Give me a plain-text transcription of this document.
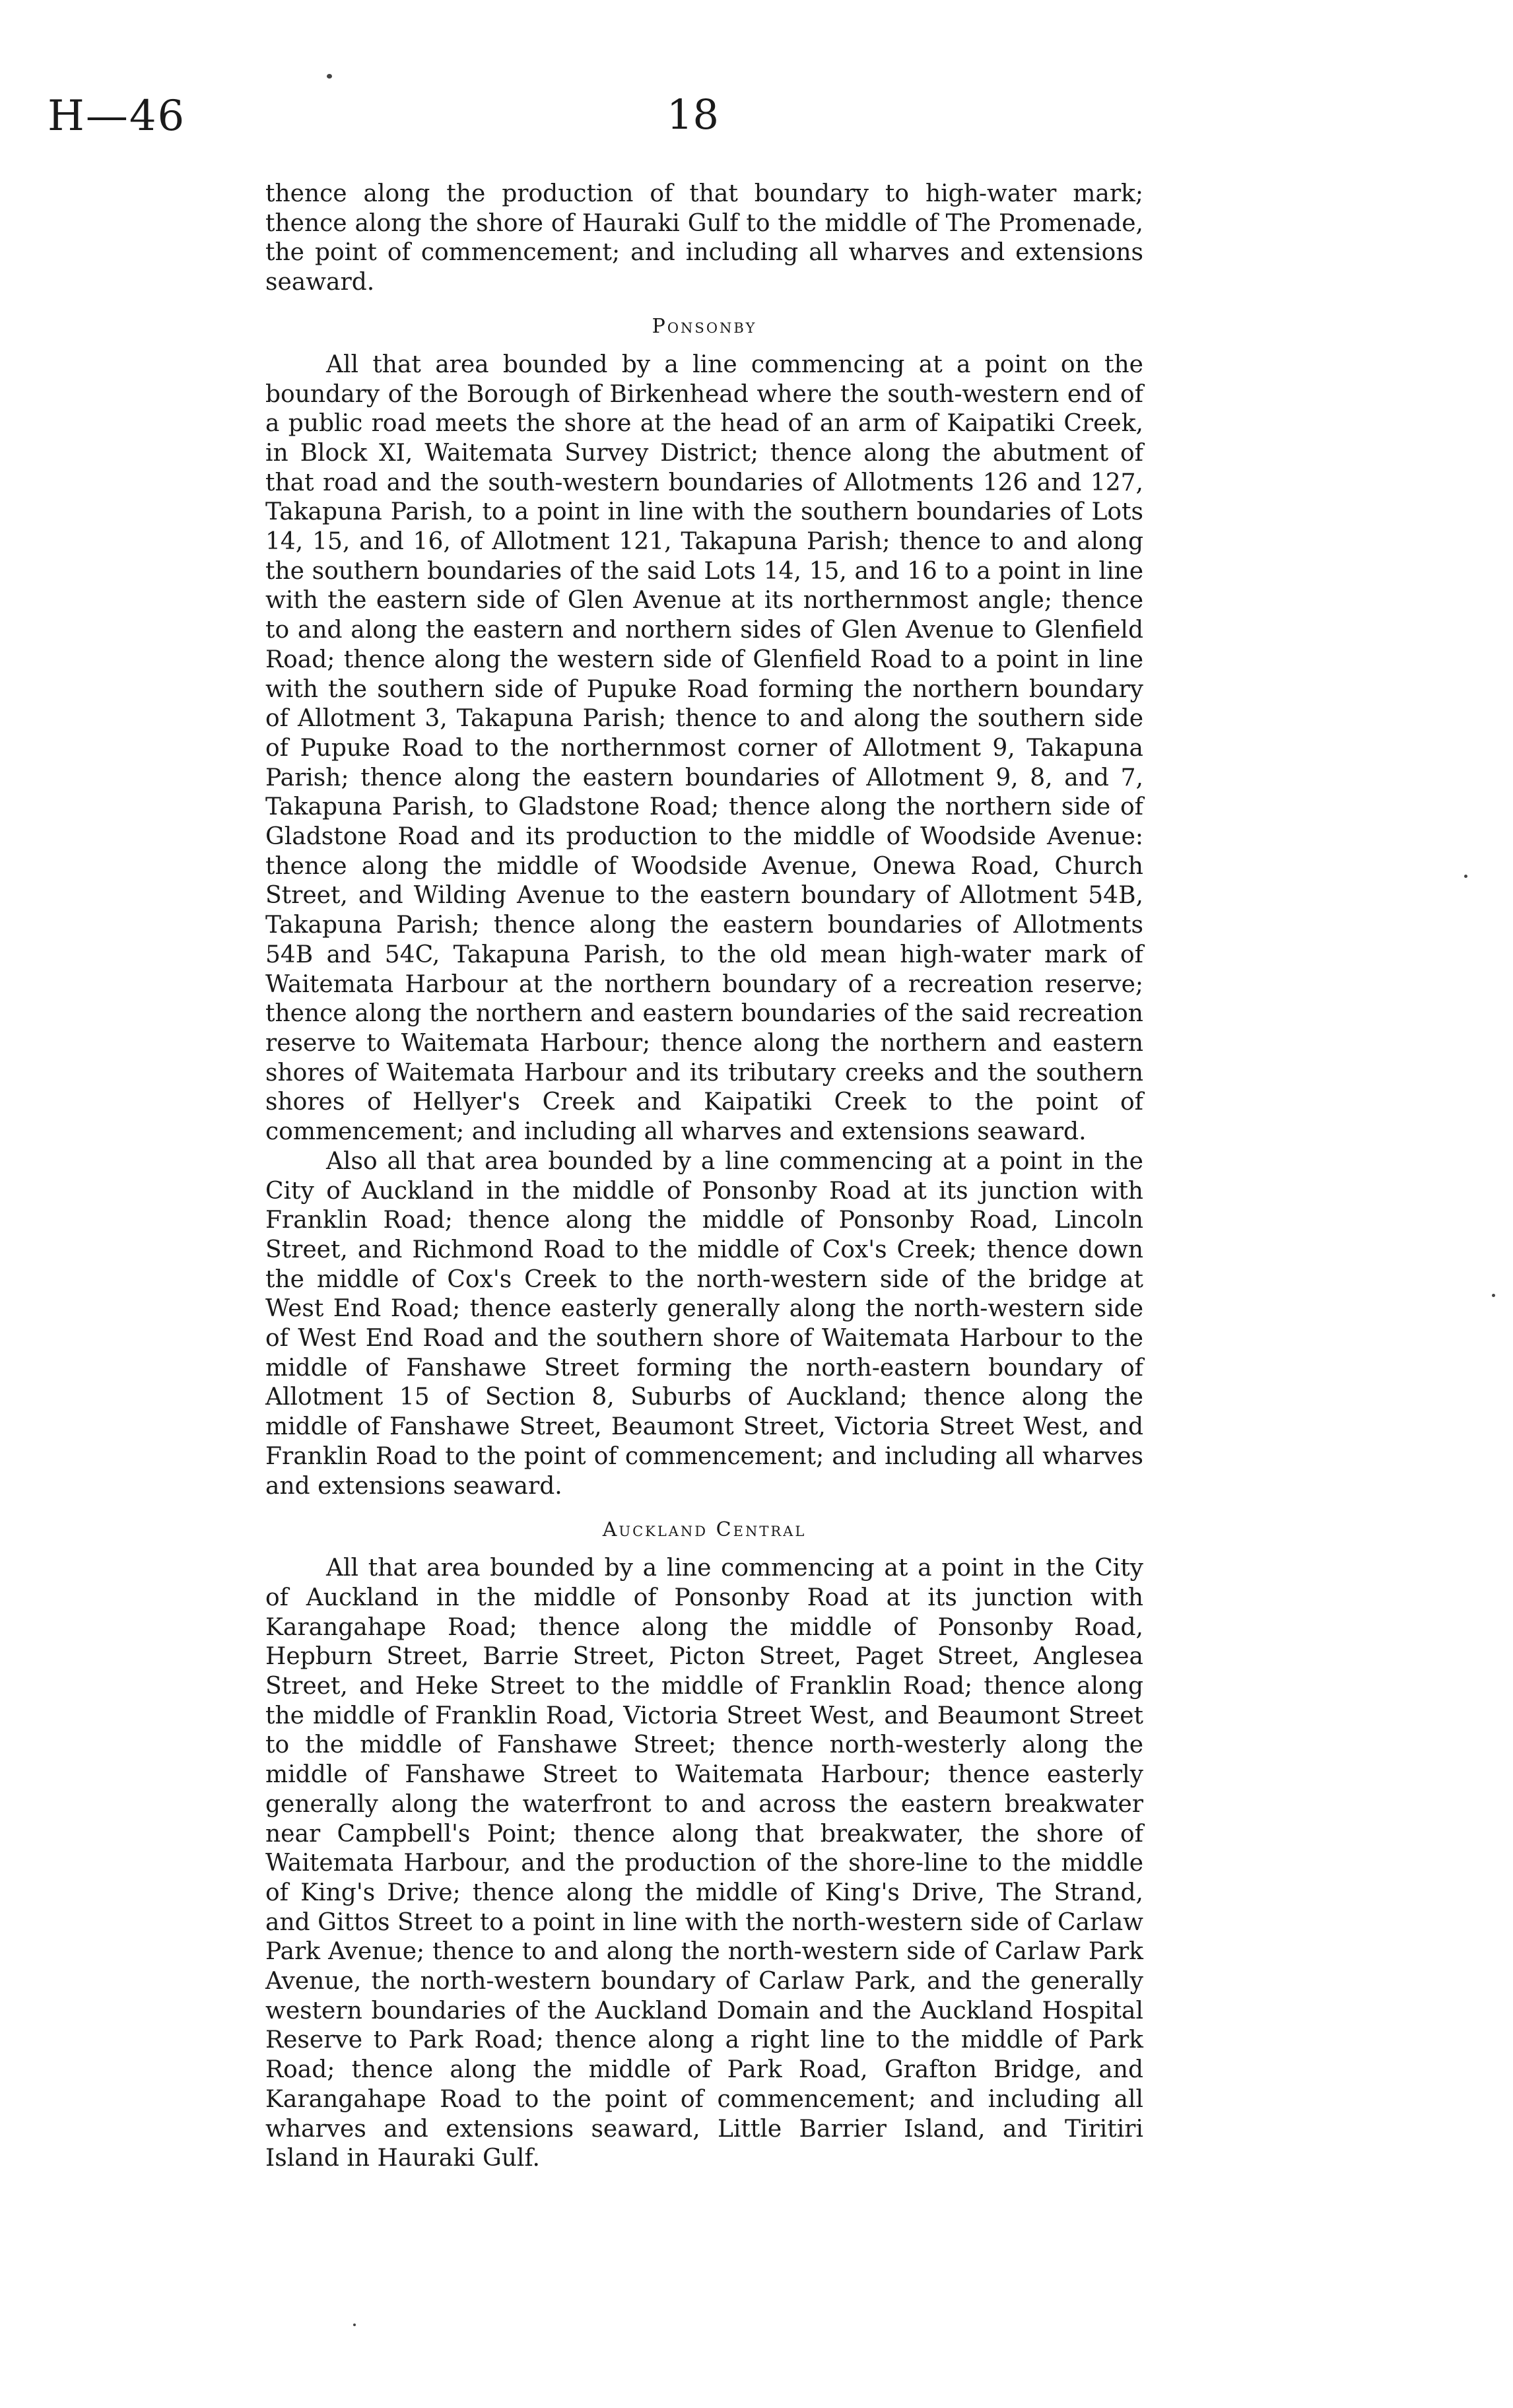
H—46	18

thence along the production of that boundary to high-water mark; thence along the shore of Hauraki Gulf to the middle of The Promenade, the point of commencement; and including all wharves and extensions seaward.

Ponsonby

All that area bounded by a line commencing at a point on the boundary of the Borough of Birkenhead where the south-western end of a public road meets the shore at the head of an arm of Kaipatiki Creek, in Block XI, Waitemata Survey District; thence along the abutment of that road and the south-western boundaries of Allotments 126 and 127, Takapuna Parish, to a point in line with the southern boundaries of Lots 14, 15, and 16, of Allotment 121, Takapuna Parish; thence to and along the southern boundaries of the said Lots 14, 15, and 16 to a point in line with the eastern side of Glen Avenue at its northernmost angle; thence to and along the eastern and northern sides of Glen Avenue to Glenfield Road; thence along the western side of Glenfield Road to a point in line with the southern side of Pupuke Road forming the northern boundary of Allotment 3, Takapuna Parish; thence to and along the southern side of Pupuke Road to the northernmost corner of Allotment 9, Takapuna Parish; thence along the eastern boundaries of Allotment 9, 8, and 7, Takapuna Parish, to Gladstone Road; thence along the northern side of Gladstone Road and its production to the middle of Woodside Avenue: thence along the middle of Woodside Avenue, Onewa Road, Church Street, and Wilding Avenue to the eastern boundary of Allotment 54B, Takapuna Parish; thence along the eastern boundaries of Allotments 54B and 54C, Takapuna Parish, to the old mean high-water mark of Waitemata Harbour at the northern boundary of a recreation reserve; thence along the northern and eastern boundaries of the said recreation reserve to Waitemata Harbour; thence along the northern and eastern shores of Waitemata Harbour and its tributary creeks and the southern shores of Hellyer's Creek and Kaipatiki Creek to the point of commencement; and including all wharves and extensions seaward.

Also all that area bounded by a line commencing at a point in the City of Auckland in the middle of Ponsonby Road at its junction with Franklin Road; thence along the middle of Ponsonby Road, Lincoln Street, and Richmond Road to the middle of Cox's Creek; thence down the middle of Cox's Creek to the north-western side of the bridge at West End Road; thence easterly generally along the north-western side of West End Road and the southern shore of Waitemata Harbour to the middle of Fanshawe Street forming the north-eastern boundary of Allotment 15 of Section 8, Suburbs of Auckland; thence along the middle of Fanshawe Street, Beaumont Street, Victoria Street West, and Franklin Road to the point of commencement; and including all wharves and extensions seaward.

Auckland Central

All that area bounded by a line commencing at a point in the City of Auckland in the middle of Ponsonby Road at its junction with Karangahape Road; thence along the middle of Ponsonby Road, Hepburn Street, Barrie Street, Picton Street, Paget Street, Anglesea Street, and Heke Street to the middle of Franklin Road; thence along the middle of Franklin Road, Victoria Street West, and Beaumont Street to the middle of Fanshawe Street; thence north-westerly along the middle of Fanshawe Street to Waitemata Harbour; thence easterly generally along the waterfront to and across the eastern breakwater near Campbell's Point; thence along that breakwater, the shore of Waitemata Harbour, and the production of the shore-line to the middle of King's Drive; thence along the middle of King's Drive, The Strand, and Gittos Street to a point in line with the north-western side of Carlaw Park Avenue; thence to and along the north-western side of Carlaw Park Avenue, the north-western boundary of Carlaw Park, and the generally western boundaries of the Auckland Domain and the Auckland Hospital Reserve to Park Road; thence along a right line to the middle of Park Road; thence along the middle of Park Road, Grafton Bridge, and Karangahape Road to the point of commencement; and including all wharves and extensions seaward, Little Barrier Island, and Tiritiri Island in Hauraki Gulf.
